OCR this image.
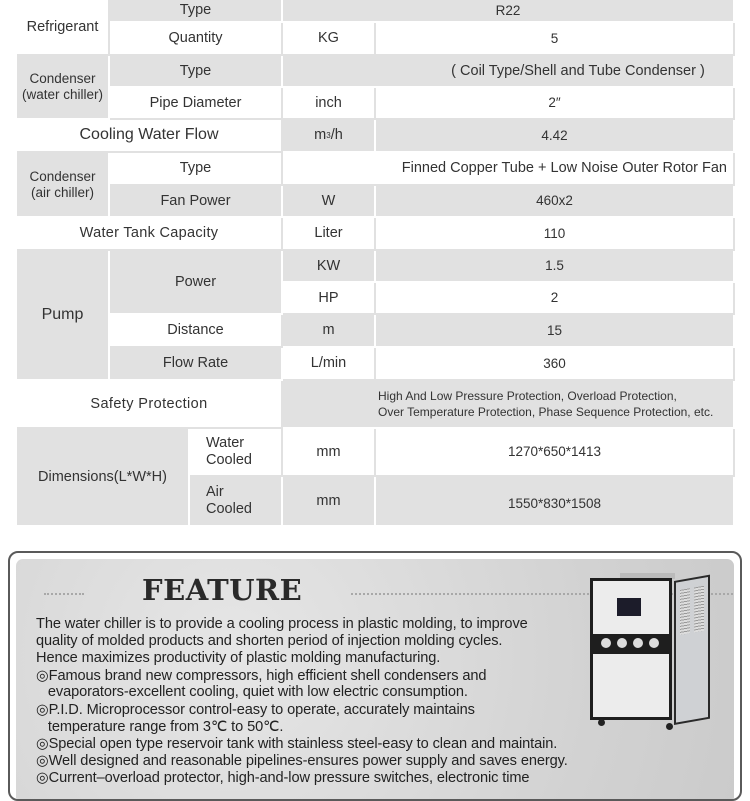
Refrigerant
Type	R22
Quantity	KG	5
Condenser
(water chiller)
Type	( Coil Type/Shell and Tube Condenser )
Pipe Diameter	inch	2″
Cooling Water Flow	m 3 /h	4.42
Condenser
(air chiller)
Type	Finned Copper Tube + Low Noise Outer Rotor Fan
Fan Power	W	460x2
Water Tank Capacity	Liter	110
Pump
Power
KW	1.5
HP	2
Distance	m	15
Flow Rate	L/min	360
Safety Protection	High And Low Pressure Protection, Overload Protection,
Over Temperature Protection, Phase Sequence Protection, etc.
Dimensions(L*W*H)
Water
Cooled
mm	1270*650*1413
Air
Cooled
mm	1550*830*1508
FEATURE
The water chiller is to provide a cooling process in plastic molding, to improve
quality of molded products and shorten period of injection molding cycles.
Hence maximizes productivity of plastic molding manufacturing.
◎Famous brand new compressors, high efficient shell condensers and
evaporators-excellent cooling, quiet with low electric consumption.
◎P.I.D. Microprocessor control-easy to operate, accurately maintains
temperature range from 3℃ to 50℃.
◎Special open type reservoir tank with stainless steel-easy to clean and maintain.
◎Well designed and reasonable pipelines-ensures power supply and saves energy.
◎Current–overload protector, high-and-low pressure switches, electronic time
